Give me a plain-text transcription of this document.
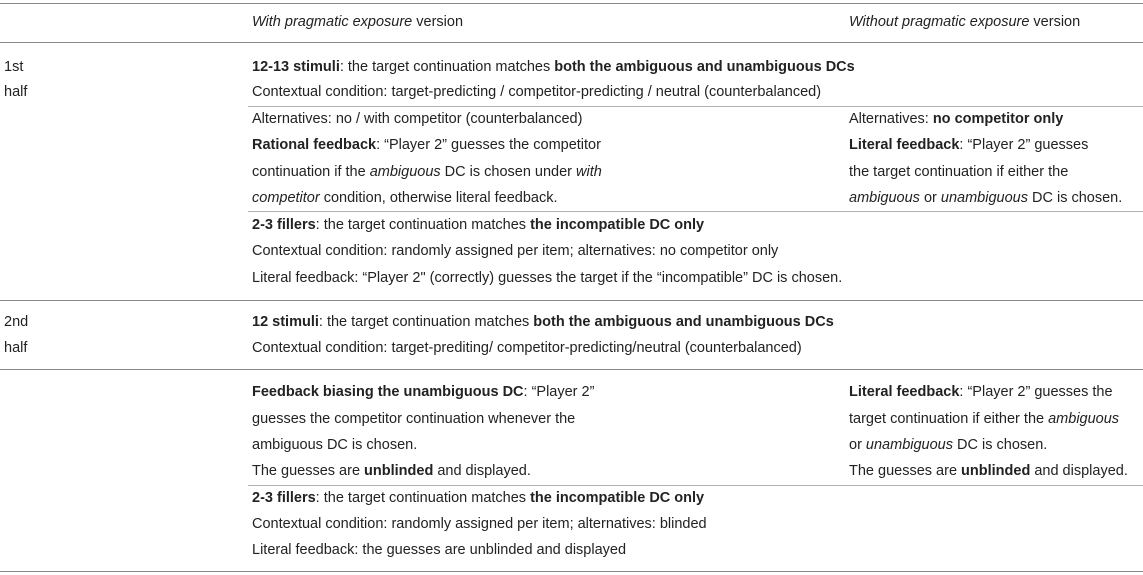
With pragmatic exposure version	Without pragmatic exposure version
1st
half
12-13 stimuli: the target continuation matches both the ambiguous and unambiguous DCs
Contextual condition: target-predicting / competitor-predicting / neutral (counterbalanced)
Alternatives: no / with competitor (counterbalanced)
Rational feedback: “Player 2” guesses the competitor
continuation if the ambiguous DC is chosen under with
competitor condition, otherwise literal feedback.
Alternatives: no competitor only
Literal feedback: “Player 2” guesses
the target continuation if either the
ambiguous or unambiguous DC is chosen.
2-3 fillers: the target continuation matches the incompatible DC only
Contextual condition: randomly assigned per item; alternatives: no competitor only
Literal feedback: “Player 2" (correctly) guesses the target if the “incompatible” DC is chosen.
2nd
half
12 stimuli: the target continuation matches both the ambiguous and unambiguous DCs
Contextual condition: target-prediting/ competitor-predicting/neutral (counterbalanced)
Feedback biasing the unambiguous DC: “Player 2”
guesses the competitor continuation whenever the
ambiguous DC is chosen.
The guesses are unblinded and displayed.
Literal feedback: “Player 2” guesses the
target continuation if either the ambiguous
or unambiguous DC is chosen.
The guesses are unblinded and displayed.
2-3 fillers: the target continuation matches the incompatible DC only
Contextual condition: randomly assigned per item; alternatives: blinded
Literal feedback: the guesses are unblinded and displayed
